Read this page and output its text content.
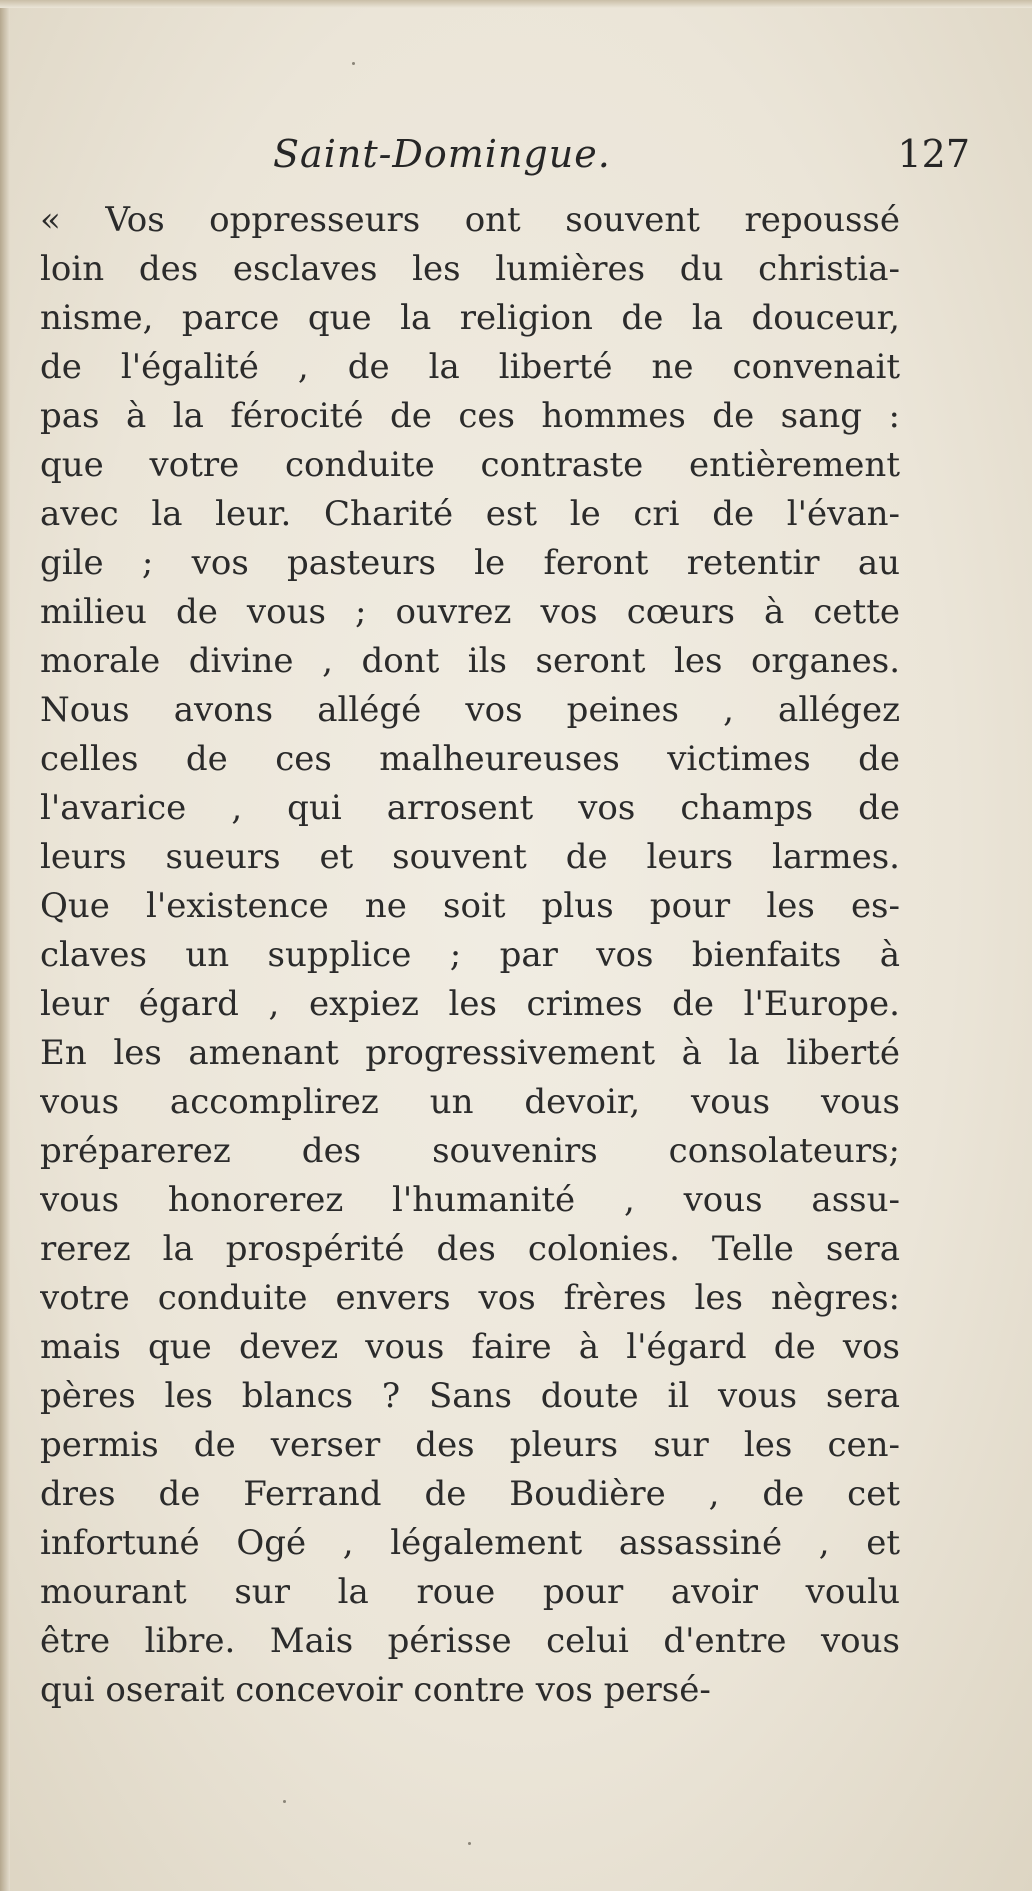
Saint-Domingue.	127
« Vos oppresseurs ont souvent repoussé
loin des esclaves les lumières du christia-
nisme, parce que la religion de la douceur,
de l'égalité , de la liberté ne convenait
pas à la férocité de ces hommes de sang :
que votre conduite contraste entièrement
avec la leur. Charité est le cri de l'évan-
gile ; vos pasteurs le feront retentir au
milieu de vous ; ouvrez vos cœurs à cette
morale divine , dont ils seront les organes.
Nous avons allégé vos peines , allégez
celles de ces malheureuses victimes de
l'avarice , qui arrosent vos champs de
leurs sueurs et souvent de leurs larmes.
Que l'existence ne soit plus pour les es-
claves un supplice ; par vos bienfaits à
leur égard , expiez les crimes de l'Europe.
En les amenant progressivement à la liberté
vous accomplirez un devoir, vous vous
préparerez des souvenirs consolateurs;
vous honorerez l'humanité , vous assu-
rerez la prospérité des colonies. Telle sera
votre conduite envers vos frères les nègres:
mais que devez vous faire à l'égard de vos
pères les blancs ? Sans doute il vous sera
permis de verser des pleurs sur les cen-
dres de Ferrand de Boudière , de cet
infortuné Ogé , légalement assassiné , et
mourant sur la roue pour avoir voulu
être libre. Mais périsse celui d'entre vous
qui oserait concevoir contre vos persé-
